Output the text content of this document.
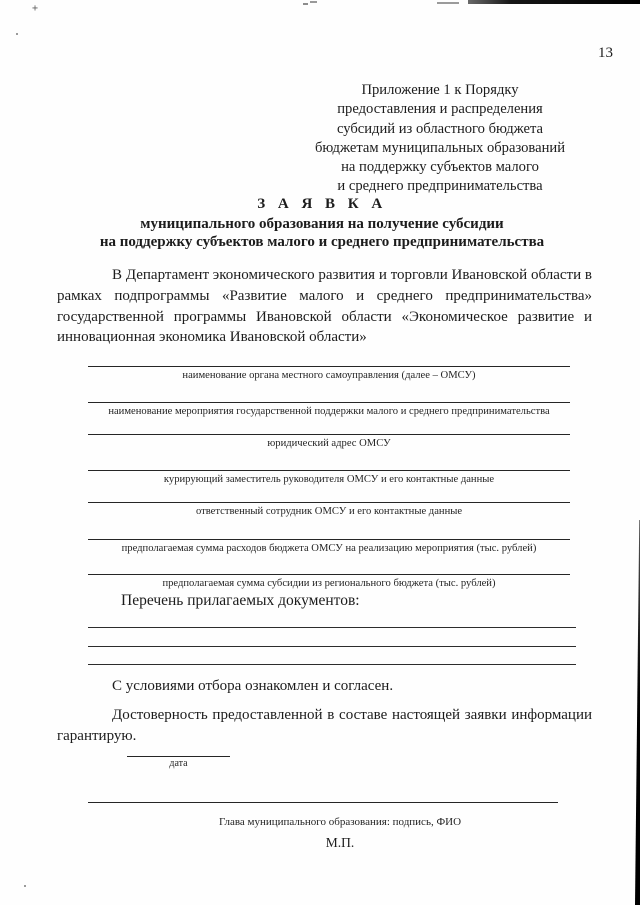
+
13
Приложение 1 к Порядку
предоставления и распределения
субсидий из областного бюджета
бюджетам муниципальных образований
на поддержку субъектов малого
и среднего предпринимательства
З А Я В К А
муниципального образования на получение субсидии
на поддержку субъектов малого и среднего предпринимательства
В Департамент экономического развития и торговли Ивановской области в рамках подпрограммы «Развитие малого и среднего предпринимательства» государственной программы Ивановской области «Экономическое развитие и инновационная экономика Ивановской области»
наименование органа местного самоуправления (далее – ОМСУ)
наименование мероприятия государственной поддержки малого и среднего предпринимательства
юридический адрес ОМСУ
курирующий заместитель руководителя ОМСУ и его контактные данные
ответственный сотрудник ОМСУ и его контактные данные
предполагаемая сумма расходов бюджета ОМСУ на реализацию мероприятия (тыс. рублей)
предполагаемая сумма субсидии из регионального бюджета (тыс. рублей)
Перечень прилагаемых документов:
С условиями отбора ознакомлен и согласен.
Достоверность предоставленной в составе настоящей заявки информации гарантирую.
дата
Глава муниципального образования: подпись, ФИО
М.П.
